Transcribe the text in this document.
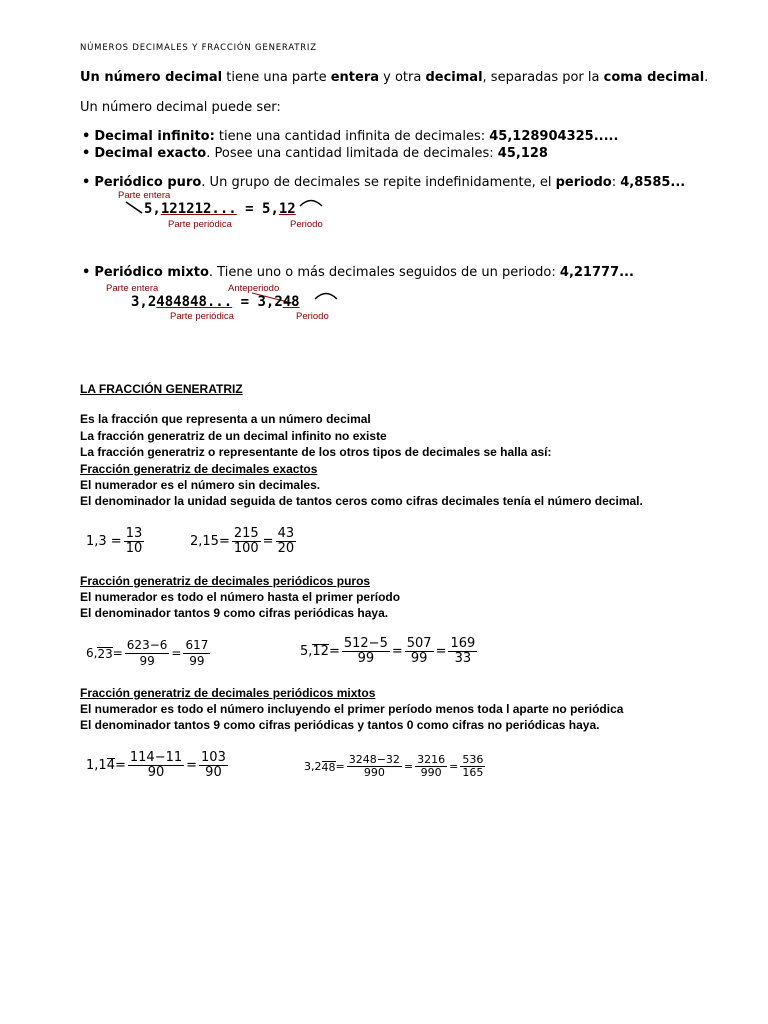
NÚMEROS DECIMALES Y FRACCIÓN GENERATRIZ
Un número decimal tiene una parte entera y otra decimal, separadas por la coma decimal.
Un número decimal puede ser:
• Decimal infinito: tiene una cantidad infinita de decimales: 45,128904325.....
• Decimal exacto. Posee una cantidad limitada de decimales: 45,128
• Periódico puro. Un grupo de decimales se repite indefinidamente, el periodo: 4,8585...
Parte entera
5,121212... = 5,12
Parte periódica	Periodo
• Periódico mixto. Tiene uno o más decimales seguidos de un periodo: 4,21777...
Parte entera	Anteperiodo
3,2484848... = 3,248
Parte periódica	Periodo
LA FRACCIÓN GENERATRIZ
Es la fracción que representa a un número decimal
La fracción generatriz de un decimal infinito no existe
La fracción generatriz o representante de los otros tipos de decimales se halla así:
Fracción generatriz de decimales exactos
El numerador es el número sin decimales.
El denominador la unidad seguida de tantos ceros como cifras decimales tenía el número decimal.
$1,3 = \frac{13}{10}$	$2,15= \frac{215}{100} = \frac{43}{20}$
Fracción generatriz de decimales periódicos puros
El numerador es todo el número hasta el primer período
El denominador tantos 9 como cifras periódicas haya.
6, $23 = \frac{623-6}{99} = \frac{617}{99}$	5, $12 = \frac{512-5}{99} = \frac{507}{99} = \frac{169}{33}$
Fracción generatriz de decimales periódicos mixtos
El numerador es todo el número incluyendo el primer período menos toda l aparte no periódica
El denominador tantos 9 como cifras periódicas y tantos 0 como cifras no periódicas haya.
1,1 $4 = \frac{114-11}{90} = \frac{103}{90}$	3,2 $48 = \frac{3248-32}{990} = \frac{3216}{990} = \frac{536}{165}$
